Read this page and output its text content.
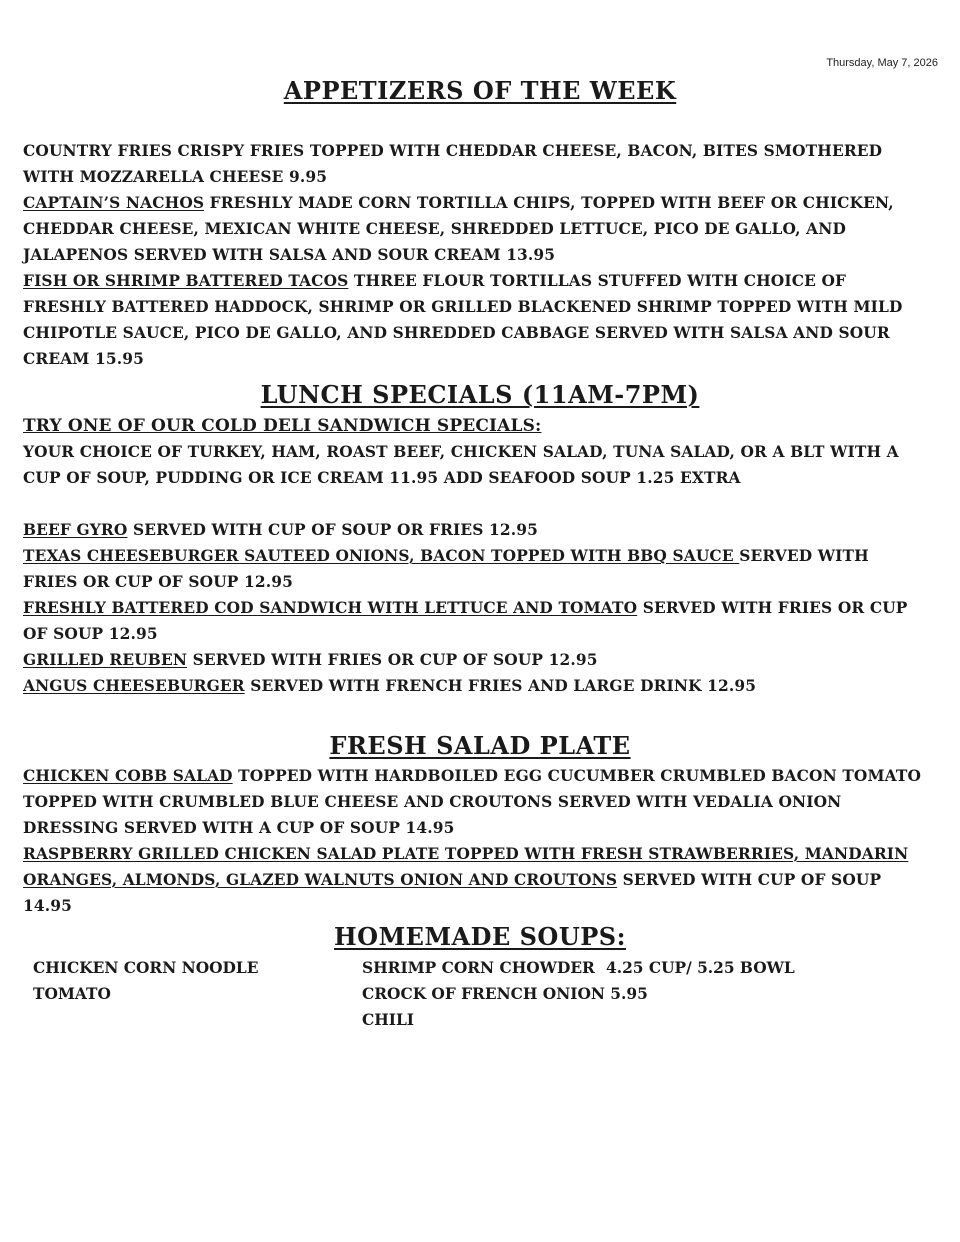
Thursday, May 7, 2026
APPETIZERS OF THE WEEK

COUNTRY FRIES CRISPY FRIES TOPPED WITH CHEDDAR CHEESE, BACON, BITES SMOTHERED WITH MOZZARELLA CHEESE 9.95

CAPTAIN’S NACHOS FRESHLY MADE CORN TORTILLA CHIPS, TOPPED WITH BEEF OR CHICKEN, CHEDDAR CHEESE, MEXICAN WHITE CHEESE, SHREDDED LETTUCE, PICO DE GALLO, AND JALAPENOS SERVED WITH SALSA AND SOUR CREAM 13.95

FISH OR SHRIMP BATTERED TACOS THREE FLOUR TORTILLAS STUFFED WITH CHOICE OF FRESHLY BATTERED HADDOCK, SHRIMP OR GRILLED BLACKENED SHRIMP TOPPED WITH MILD CHIPOTLE SAUCE, PICO DE GALLO, AND SHREDDED CABBAGE SERVED WITH SALSA AND SOUR CREAM 15.95

LUNCH SPECIALS (11AM-7PM)

TRY ONE OF OUR COLD DELI SANDWICH SPECIALS:

YOUR CHOICE OF TURKEY, HAM, ROAST BEEF, CHICKEN SALAD, TUNA SALAD, OR A BLT WITH A CUP OF SOUP, PUDDING OR ICE CREAM 11.95 ADD SEAFOOD SOUP 1.25 EXTRA

BEEF GYRO SERVED WITH CUP OF SOUP OR FRIES 12.95

TEXAS CHEESEBURGER SAUTEED ONIONS, BACON TOPPED WITH BBQ SAUCE SERVED WITH FRIES OR CUP OF SOUP 12.95

FRESHLY BATTERED COD SANDWICH WITH LETTUCE AND TOMATO SERVED WITH FRIES OR CUP OF SOUP 12.95

GRILLED REUBEN SERVED WITH FRIES OR CUP OF SOUP 12.95

ANGUS CHEESEBURGER SERVED WITH FRENCH FRIES AND LARGE DRINK 12.95

FRESH SALAD PLATE

CHICKEN COBB SALAD TOPPED WITH HARDBOILED EGG CUCUMBER CRUMBLED BACON TOMATO TOPPED WITH CRUMBLED BLUE CHEESE AND CROUTONS SERVED WITH VEDALIA ONION DRESSING SERVED WITH A CUP OF SOUP 14.95

RASPBERRY GRILLED CHICKEN SALAD PLATE TOPPED WITH FRESH STRAWBERRIES, MANDARIN ORANGES, ALMONDS, GLAZED WALNUTS ONION AND CROUTONS SERVED WITH CUP OF SOUP 14.95

HOMEMADE SOUPS:
CHICKEN CORN NOODLE
TOMATO
SHRIMP CORN CHOWDER
CROCK OF FRENCH ONION 5.95
CHILI
4.25 CUP/ 5.25 BOWL
